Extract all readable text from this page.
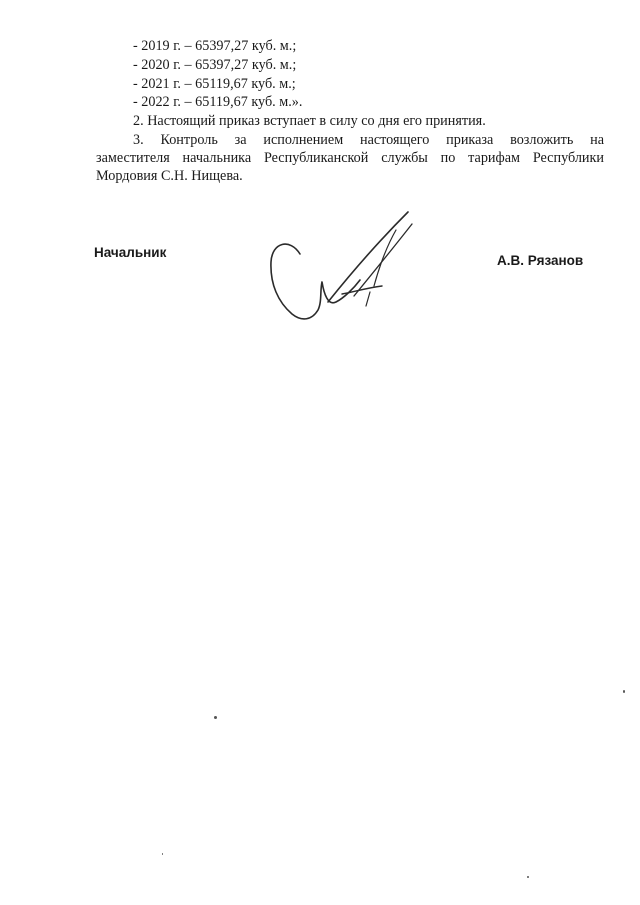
- 2019 г. – 65397,27 куб. м.;
- 2020 г. – 65397,27 куб. м.;
- 2021 г. – 65119,67 куб. м.;
- 2022 г. – 65119,67 куб. м.».
2. Настоящий приказ вступает в силу со дня его принятия.
3. Контроль за исполнением настоящего приказа возложить на
заместителя начальника Республиканской службы по тарифам Республики
Мордовия С.Н. Нищева.
Начальник
А.В. Рязанов
